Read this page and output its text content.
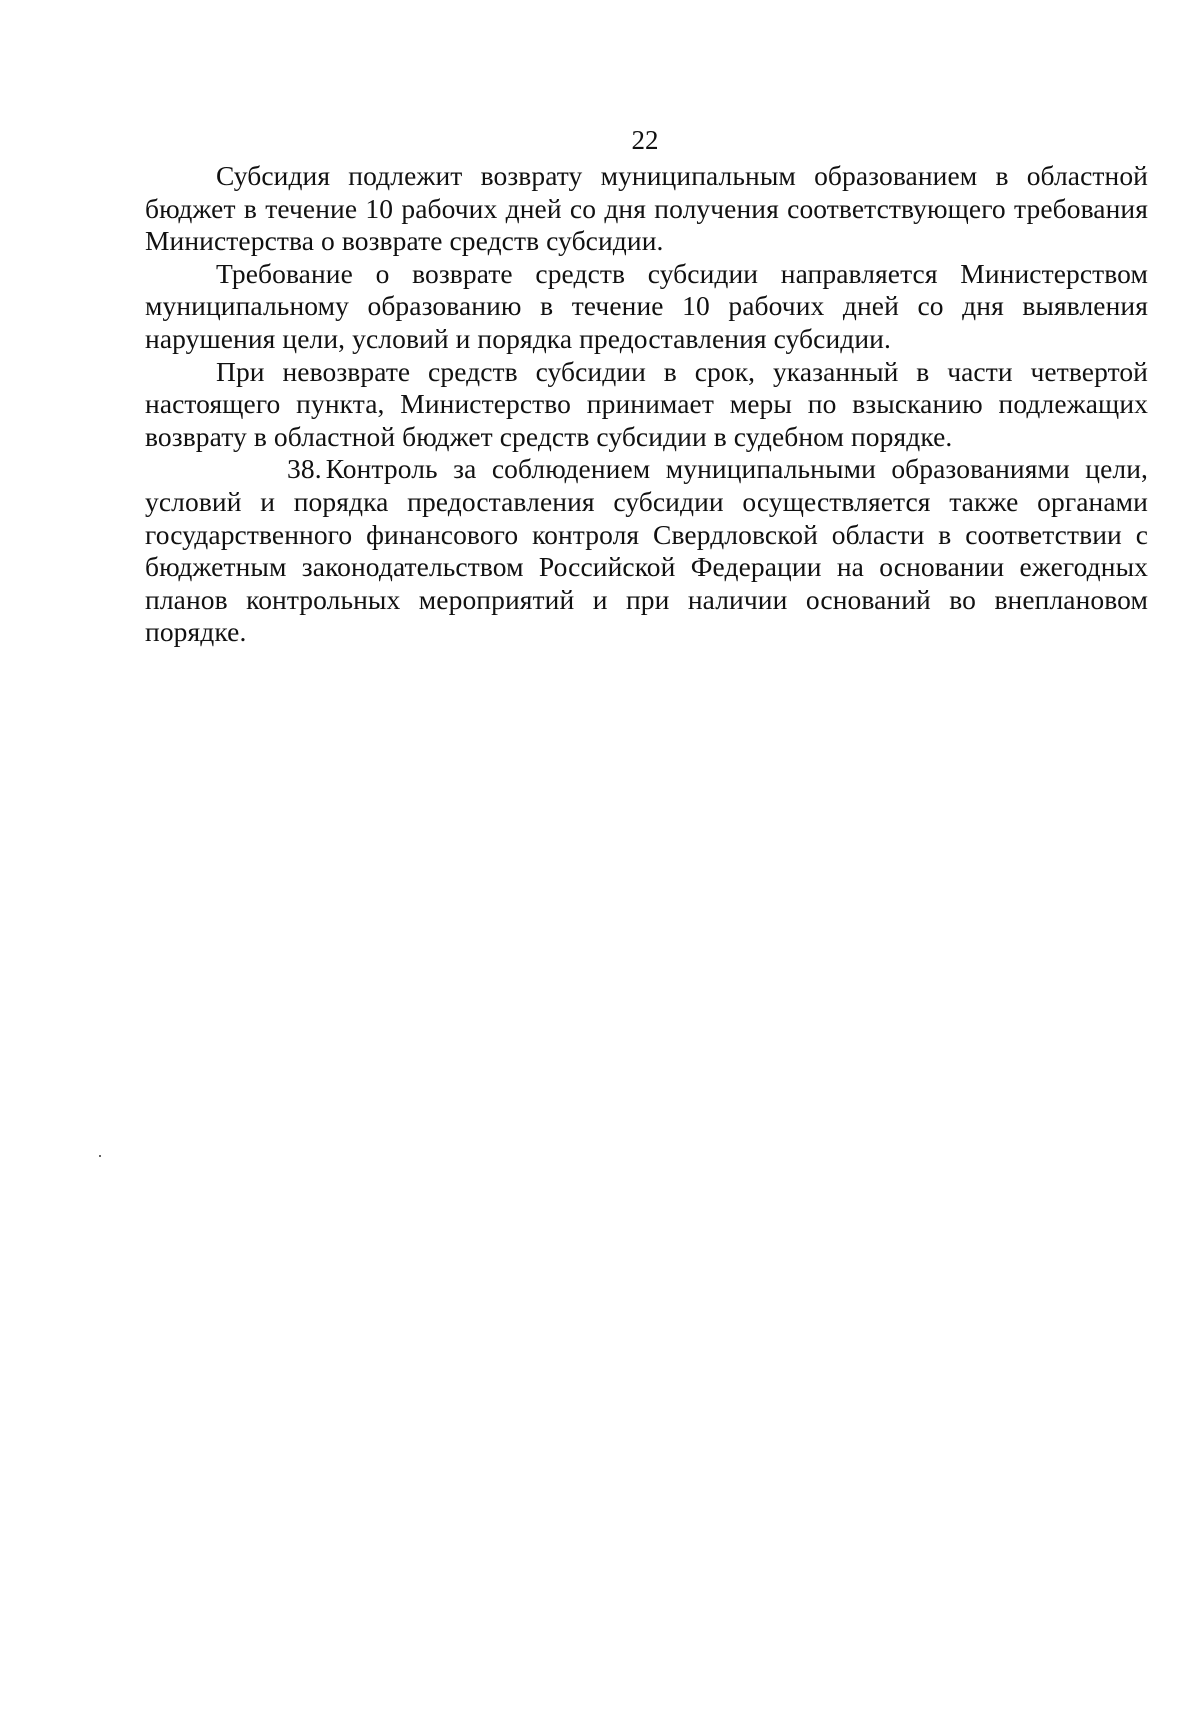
22

Субсидия подлежит возврату муниципальным образованием в областной бюджет в течение 10 рабочих дней со дня получения соответствующего требования Министерства о возврате средств субсидии.

Требование о возврате средств субсидии направляется Министерством муниципальному образованию в течение 10 рабочих дней со дня выявления нарушения цели, условий и порядка предоставления субсидии.

При невозврате средств субсидии в срок, указанный в части четвертой настоящего пункта, Министерство принимает меры по взысканию подлежащих возврату в областной бюджет средств субсидии в судебном порядке.

38. Контроль за соблюдением муниципальными образованиями цели, условий и порядка предоставления субсидии осуществляется также органами государственного финансового контроля Свердловской области в соответствии с бюджетным законодательством Российской Федерации на основании ежегодных планов контрольных мероприятий и при наличии оснований во внеплановом порядке.
